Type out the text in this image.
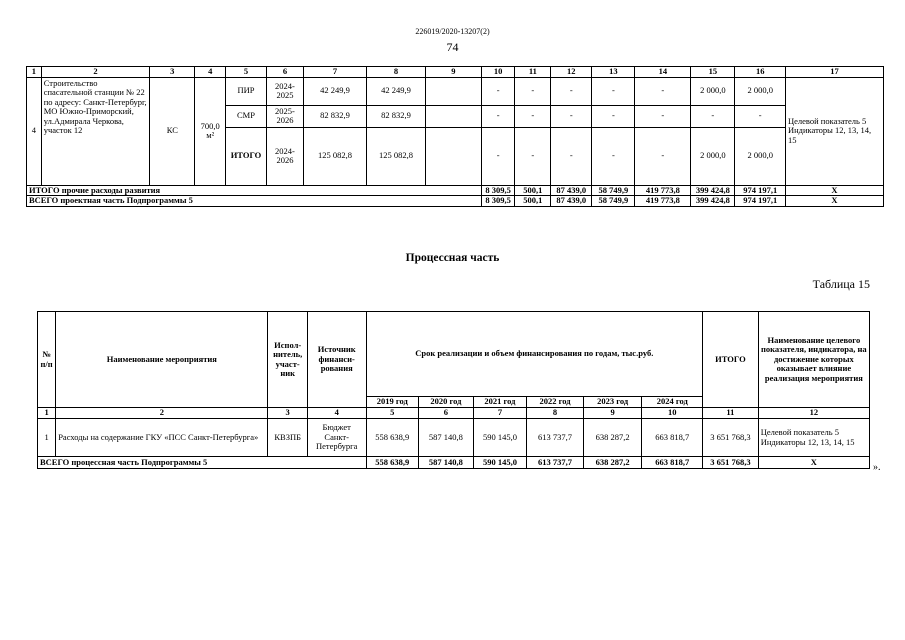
226019/2020-13207(2)
74
1	2	3	4	5	6	7	8	9	10	11	12	13	14	15	16	17
4	Строительство спасательной станции № 22 по адресу: Санкт-Петербург, МО Южно-Приморский, ул.Адмирала Черкова, участок 12	КС	700,0 м²	ПИР	2024-2025	42 249,9	42 249,9		-	-	-	-	-	2 000,0	2 000,0	Целевой показатель 5 Индикаторы 12, 13, 14, 15
				СМР	2025-2026	82 832,9	82 832,9		-	-	-	-	-	-	-	
				ИТОГО	2024-2026	125 082,8	125 082,8		-	-	-	-	-	2 000,0	2 000,0	
ИТОГО прочие расходы развития									8 309,5	500,1	87 439,0	58 749,9	419 773,8	399 424,8	974 197,1	Х
ВСЕГО проектная часть Подпрограммы 5									8 309,5	500,1	87 439,0	58 749,9	419 773,8	399 424,8	974 197,1	Х
Процессная часть
Таблица 15
№ п/п	Наименование мероприятия	Испол-нитель, участ-ник	Источник финанси-рования	Срок реализации и объем финансирования по годам, тыс.руб.						ИТОГО	Наименование целевого показателя, индикатора, на достижение которых оказывает влияние реализация мероприятия
				2019 год	2020 год	2021 год	2022 год	2023 год	2024 год		
1	2	3	4	5	6	7	8	9	10	11	12
1	Расходы на содержание ГКУ «ПСС Санкт-Петербурга»	КВЗПБ	Бюджет Санкт-Петербурга	558 638,9	587 140,8	590 145,0	613 737,7	638 287,2	663 818,7	3 651 768,3	Целевой показатель 5 Индикаторы 12, 13, 14, 15
ВСЕГО процессная часть Подпрограммы 5				558 638,9	587 140,8	590 145,0	613 737,7	638 287,2	663 818,7	3 651 768,3	Х
».
